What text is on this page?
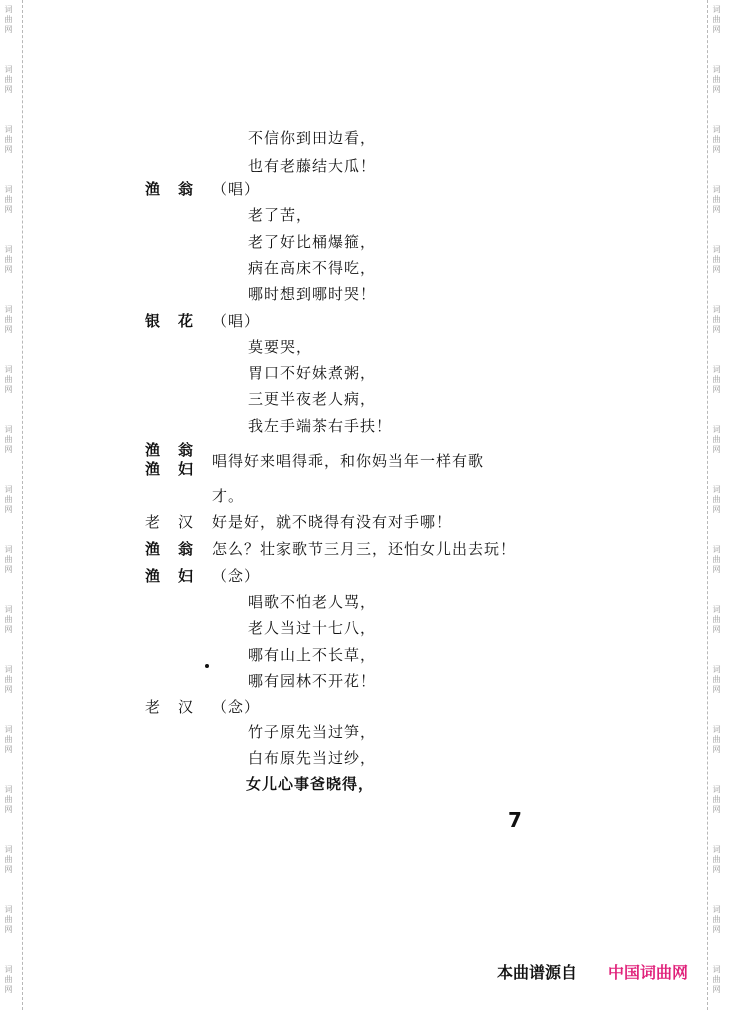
词曲网
词曲网
词曲网
词曲网
词曲网
词曲网
词曲网
词曲网
词曲网
词曲网
词曲网
词曲网
词曲网
词曲网
词曲网
词曲网
词曲网
词曲网
词曲网
词曲网
词曲网
词曲网
词曲网
词曲网
词曲网
词曲网
词曲网
词曲网
词曲网
词曲网
词曲网
词曲网
词曲网
词曲网
不信你到田边看，
也有老藤结大瓜！
渔翁 （唱）
老了苦，
老了好比桶爆箍，
病在高床不得吃，
哪时想到哪时哭！
银花 （唱）
莫要哭，
胃口不好妹煮粥，
三更半夜老人病，
我左手端茶右手扶！
渔翁
渔妇 唱得好来唱得乖，和你妈当年一样有歌
才。
老汉 好是好，就不晓得有没有对手哪！
渔翁 怎么？壮家歌节三月三，还怕女儿出去玩！
渔妇 （念）
唱歌不怕老人骂，
老人当过十七八，
哪有山上不长草，
哪有园林不开花！
老汉 （念）
竹子原先当过笋，
白布原先当过纱，
女儿心事爸晓得，
7
本曲谱源自 中国词曲网
